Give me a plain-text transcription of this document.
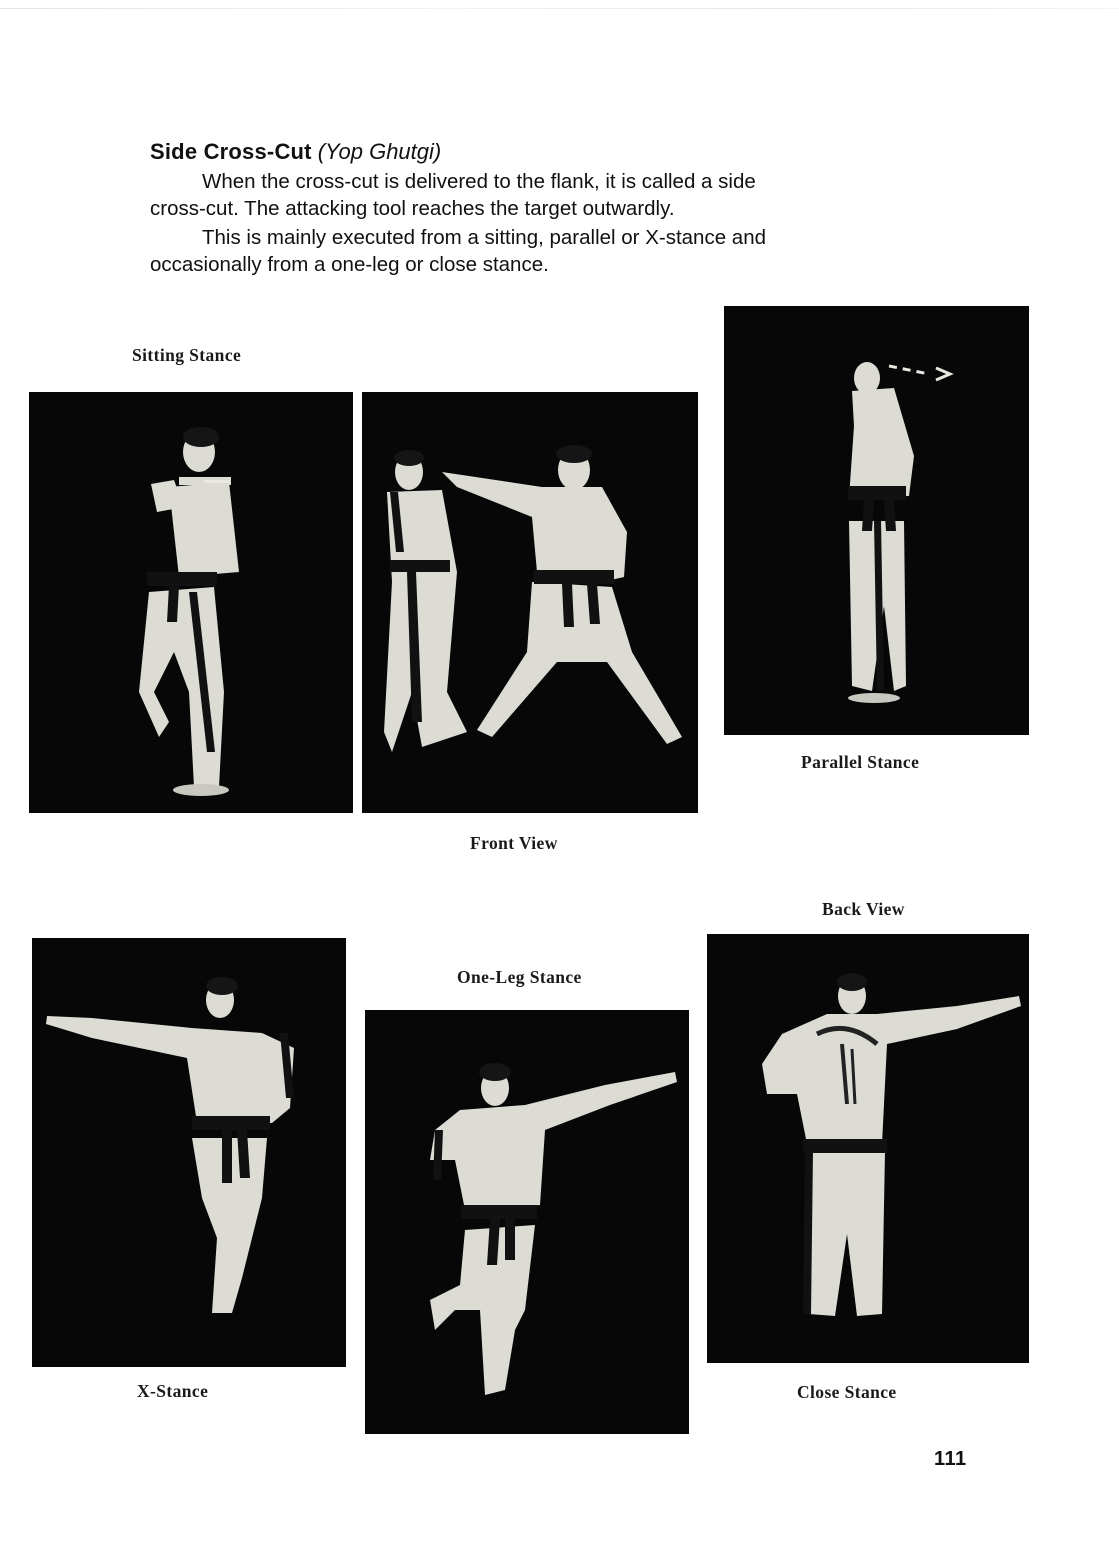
Side Cross-Cut (Yop Ghutgi)

When the cross-cut is delivered to the flank, it is called a side
cross-cut. The attacking tool reaches the target outwardly.

This is mainly executed from a sitting, parallel or X-stance and
occasionally from a one-leg or close stance.

Sitting Stance
Front View
Parallel Stance
Back View
One-Leg Stance
X-Stance	Close Stance
111
